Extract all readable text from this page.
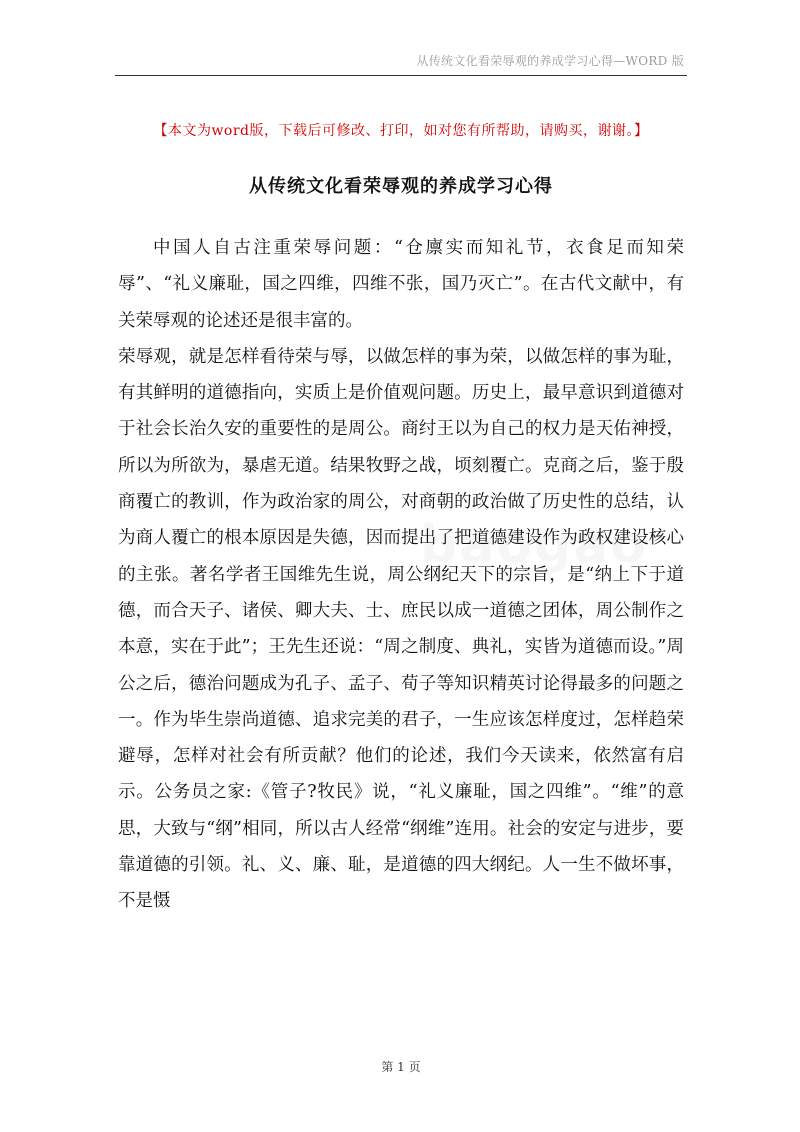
从传统文化看荣辱观的养成学习心得—WORD 版
【本文为word版，下载后可修改、打印，如对您有所帮助，请购买，谢谢。】
从传统文化看荣辱观的养成学习心得

中国人自古注重荣辱问题：“仓廪实而知礼节，衣食足而知荣辱”、“礼义廉耻，国之四维，四维不张，国乃灭亡”。在古代文献中，有关荣辱观的论述还是很丰富的。

荣辱观，就是怎样看待荣与辱，以做怎样的事为荣，以做怎样的事为耻，有其鲜明的道德指向，实质上是价值观问题。历史上，最早意识到道德对于社会长治久安的重要性的是周公。商纣王以为自己的权力是天佑神授，所以为所欲为，暴虐无道。结果牧野之战，顷刻覆亡。克商之后，鉴于殷商覆亡的教训，作为政治家的周公，对商朝的政治做了历史性的总结，认为商人覆亡的根本原因是失德，因而提出了把道德建设作为政权建设核心的主张。著名学者王国维先生说，周公纲纪天下的宗旨，是“纳上下于道德，而合天子、诸侯、卿大夫、士、庶民以成一道德之团体，周公制作之本意，实在于此”；王先生还说：“周之制度、典礼，实皆为道德而设。”周公之后，德治问题成为孔子、孟子、荀子等知识精英讨论得最多的问题之一。作为毕生崇尚道德、追求完美的君子，一生应该怎样度过，怎样趋荣避辱，怎样对社会有所贡献？他们的论述，我们今天读来，依然富有启示。公务员之家:《管子?牧民》说，“礼义廉耻，国之四维”。“维”的意思，大致与“纲”相同，所以古人经常“纲维”连用。社会的安定与进步，要靠道德的引领。礼、义、廉、耻，是道德的四大纲纪。人一生不做坏事，不是慑

第 1 页
